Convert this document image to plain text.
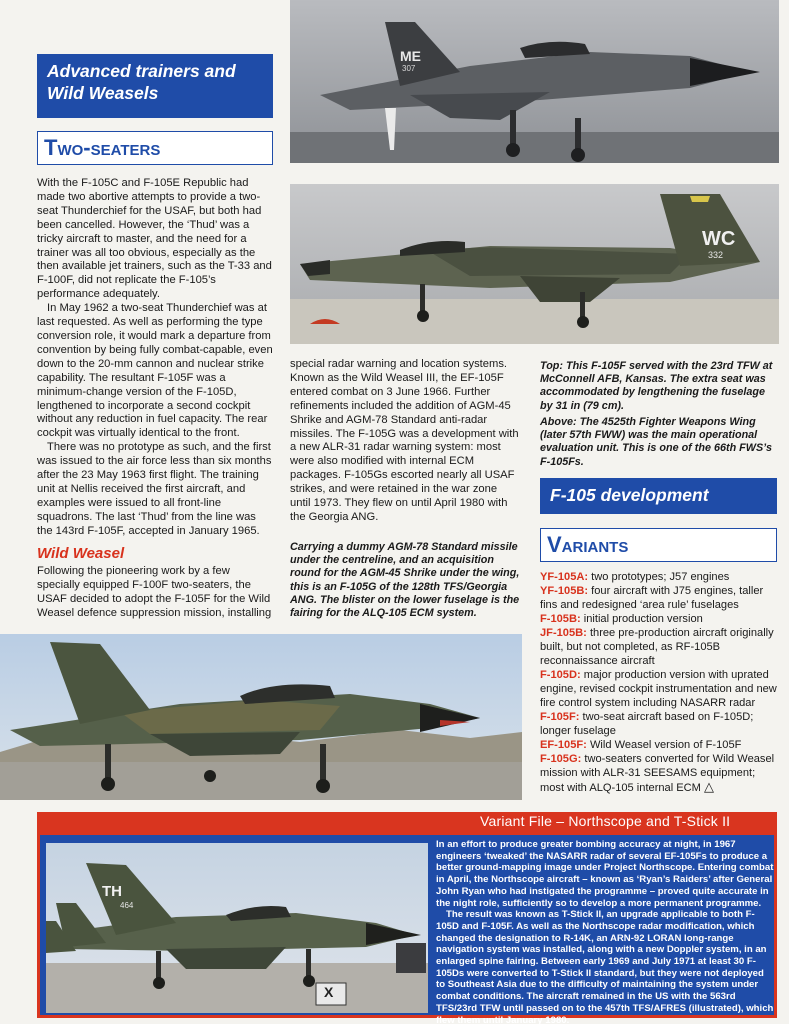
Advanced trainers and
Wild Weasels
Two-seaters
ME
307
WC
332

With the F-105C and F-105E Republic had made two abortive attempts to provide a two-seat Thunderchief for the USAF, but both had been cancelled. However, the ‘Thud’ was a tricky aircraft to master, and the need for a trainer was all too obvious, especially as the then available jet trainers, such as the T-33 and F-100F, did not replicate the F-105’s performance adequately.

In May 1962 a two-seat Thunderchief was at last requested. As well as performing the type conversion role, it would mark a departure from convention by being fully combat-capable, even down to the 20-mm cannon and nuclear strike capability. The resultant F-105F was a minimum-change version of the F-105D, lengthened to incorporate a second cockpit without any reduction in fuel capacity. The rear cockpit was virtually identical to the front.

There was no prototype as such, and the first was issued to the air force less than six months after the 23 May 1963 first flight. The training unit at Nellis received the first aircraft, and examples were issued to all front-line squadrons. The last ‘Thud’ from the line was the 143rd F-105F, accepted in January 1965.

Wild Weasel
Following the pioneering work by a few specially equipped F-100F two-seaters, the USAF decided to adopt the F-105F for the Wild Weasel defence suppression mission, installing
special radar warning and location systems. Known as the Wild Weasel III, the EF-105F entered combat on 3 June 1966. Further refinements included the addition of AGM-45 Shrike and AGM-78 Standard anti-radar missiles. The F-105G was a development with a new ALR-31 radar warning system: most were also modified with internal ECM packages. F-105Gs escorted nearly all USAF strikes, and were retained in the war zone until 1973. They flew on until April 1980 with the Georgia ANG.
Carrying a dummy AGM-78 Standard missile under the centreline, and an acquisition round for the AGM-45 Shrike under the wing, this is an F-105G of the 128th TFS/Georgia ANG. The blister on the lower fuselage is the fairing for the ALQ-105 ECM system.
Top: This F-105F served with the 23rd TFW at McConnell AFB, Kansas. The extra seat was accommodated by lengthening the fuselage by 31 in (79 cm).
Above: The 4525th Fighter Weapons Wing (later 57th FWW) was the main operational evaluation unit. This is one of the 66th FWS’s F-105Fs.
F-105 development
Variants
YF-105A: two prototypes; J57 engines
YF-105B: four aircraft with J75 engines, taller fins and redesigned ‘area rule’ fuselages
F-105B: initial production version
JF-105B: three pre-production aircraft originally built, but not completed, as RF-105B reconnaissance aircraft
F-105D: major production version with uprated engine, revised cockpit instrumentation and new fire control system including NASARR radar
F-105F: two-seat aircraft based on F-105D; longer fuselage
EF-105F: Wild Weasel version of F-105F
F-105G: two-seaters converted for Wild Weasel mission with ALR-31 SEESAMS equipment; most with ALQ-105 internal ECM △
Variant File – Northscope and T-Stick II
TH
464
X

In an effort to produce greater bombing accuracy at night, in 1967 engineers ‘tweaked’ the NASARR radar of several EF-105Fs to produce a better ground-mapping image under Project Northscope. Entering combat in April, the Northscope aircraft – known as ‘Ryan’s Raiders’ after General John Ryan who had instigated the programme – proved quite accurate in the night role, sufficiently so to develop a more permanent programme.

The result was known as T-Stick II, an upgrade applicable to both F-105D and F-105F. As well as the Northscope radar modification, which changed the designation to R-14K, an ARN-92 LORAN long-range navigation system was installed, along with a new Doppler system, in an enlarged spine fairing. Between early 1969 and July 1971 at least 30 F-105Ds were converted to T-Stick II standard, but they were not deployed to Southeast Asia due to the difficulty of maintaining the system under combat conditions. The aircraft remained in the US with the 563rd TFS/23rd TFW until passed on to the 457th TFS/AFRES (illustrated), which flew them until January 1980.
